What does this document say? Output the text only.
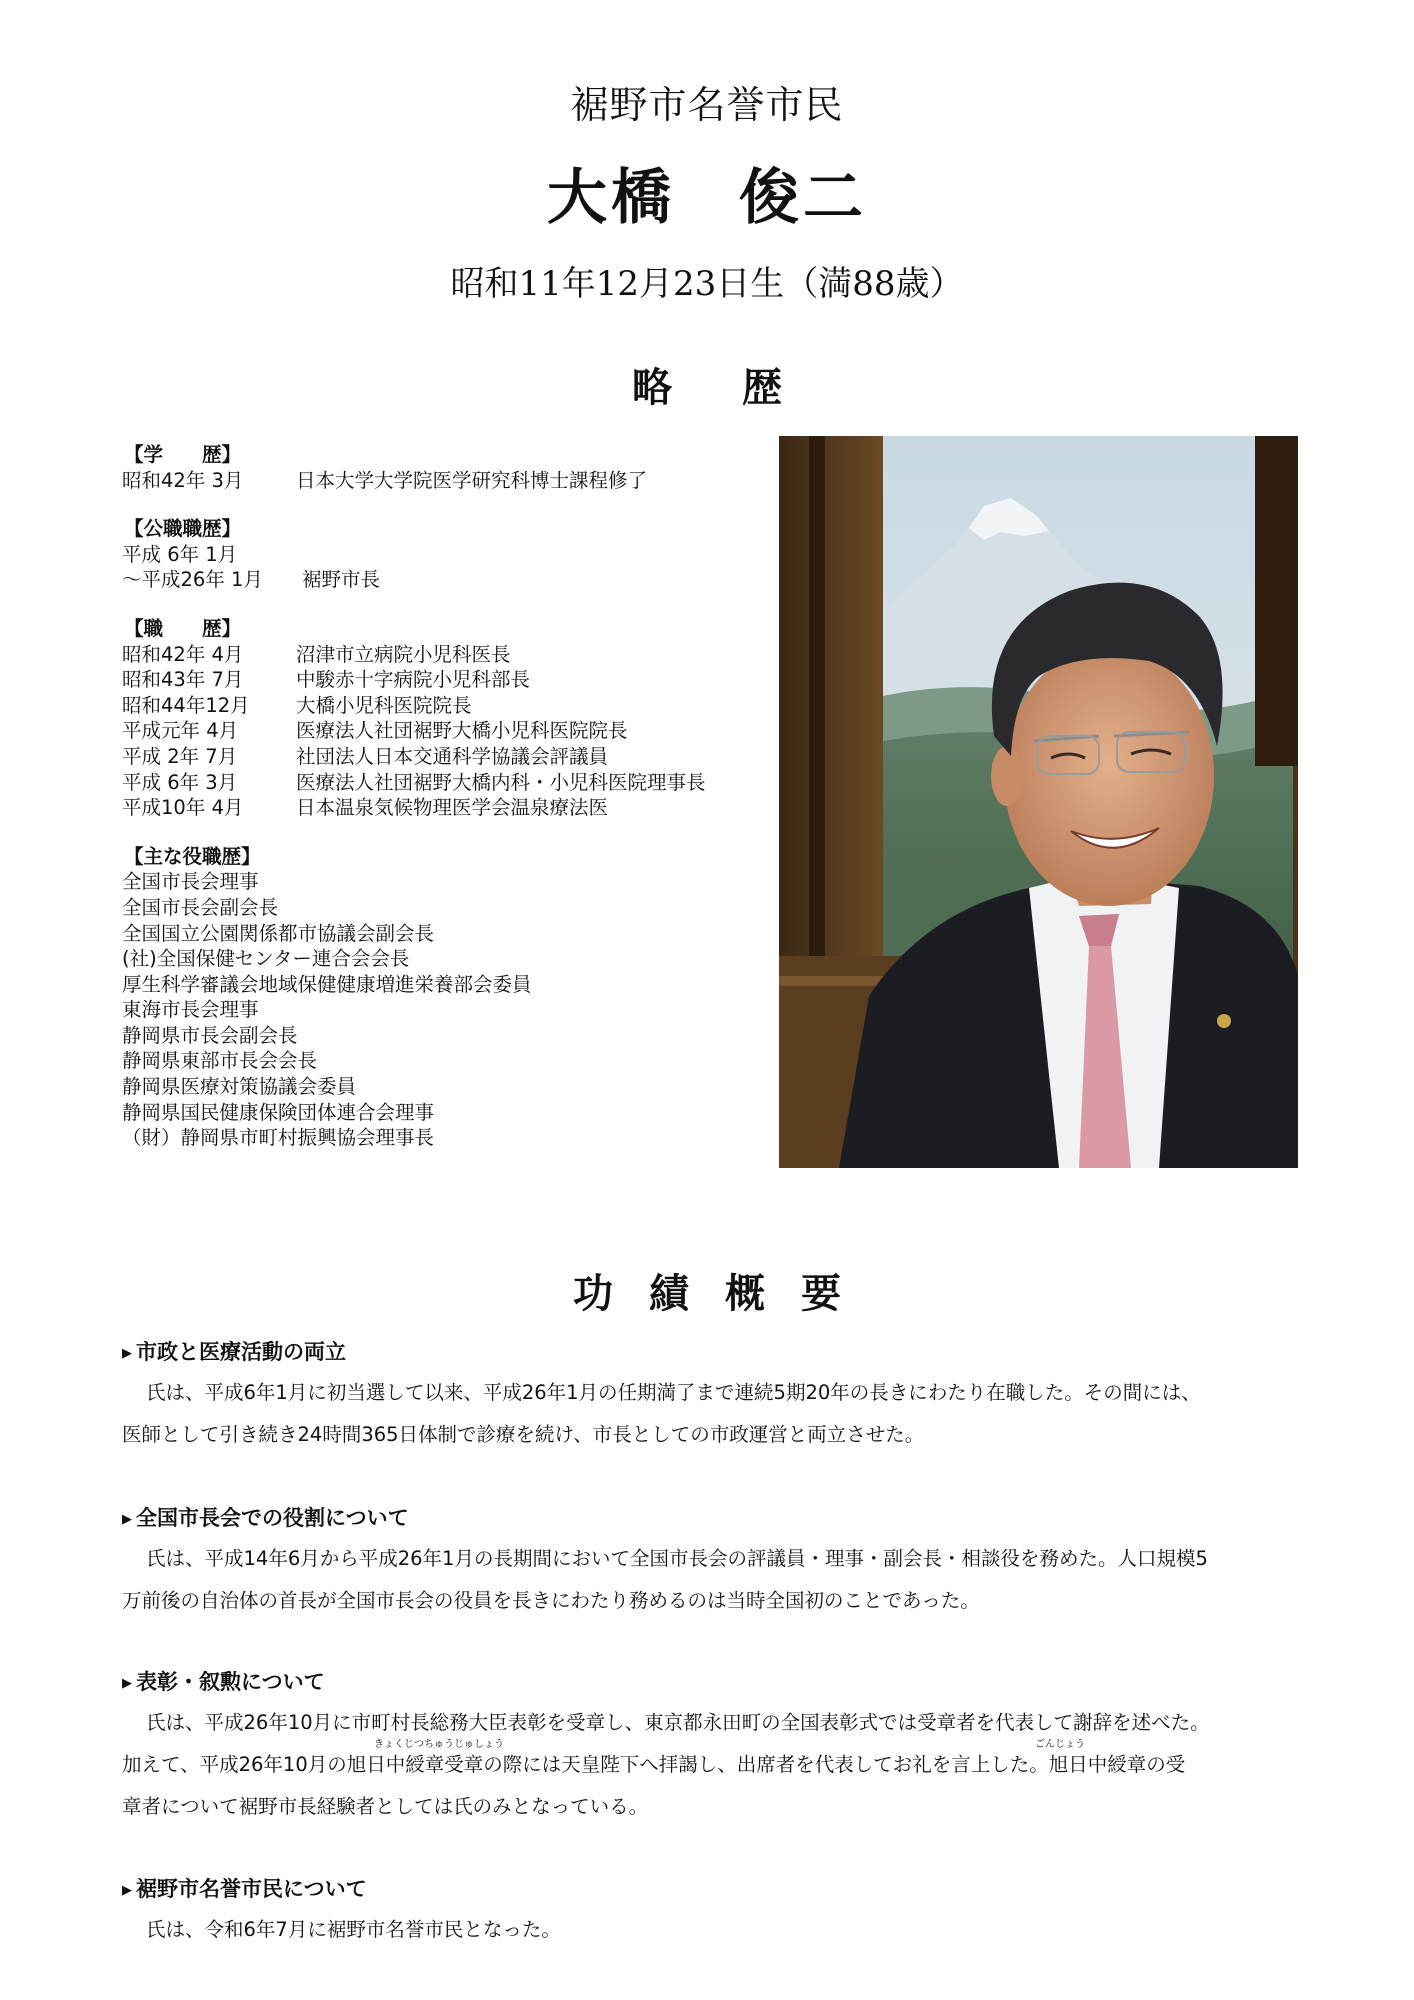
裾野市名誉市民
大橋　俊二
昭和11年12月23日生（満88歳）
略歴
【学　　歴】
昭和42年 3月	日本大学大学院医学研究科博士課程修了
【公職職歴】
平成 6年 1月
～平成26年 1月	裾野市長
【職　　歴】
昭和42年 4月	沼津市立病院小児科医長
昭和43年 7月	中駿赤十字病院小児科部長
昭和44年12月	大橋小児科医院院長
平成元年 4月	医療法人社団裾野大橋小児科医院院長
平成 2年 7月	社団法人日本交通科学協議会評議員
平成 6年 3月	医療法人社団裾野大橋内科・小児科医院理事長
平成10年 4月	日本温泉気候物理医学会温泉療法医
【主な役職歴】
全国市長会理事
全国市長会副会長
全国国立公園関係都市協議会副会長
(社)全国保健センター連合会会長
厚生科学審議会地域保健健康増進栄養部会委員
東海市長会理事
静岡県市長会副会長
静岡県東部市長会会長
静岡県医療対策協議会委員
静岡県国民健康保険団体連合会理事
（財）静岡県市町村振興協会理事長
功績概要
▶ 市政と医療活動の両立
氏は、平成6年1月に初当選して以来、平成26年1月の任期満了まで連続5期20年の長きにわたり在職した。その間には、
医師として引き続き24時間365日体制で診療を続け、市長としての市政運営と両立させた。
▶ 全国市長会での役割について
氏は、平成14年6月から平成26年1月の長期間において全国市長会の評議員・理事・副会長・相談役を務めた。人口規模5
万前後の自治体の首長が全国市長会の役員を長きにわたり務めるのは当時全国初のことであった。
▶ 表彰・叙勲について
氏は、平成26年10月に市町村長総務大臣表彰を受章し、東京都永田町の全国表彰式では受章者を代表して謝辞を述べた。
加えて、平成26年10月の旭日中綬章受章の際には天皇陛下へ拝謁し、出席者を代表してお礼を言上した。旭日中綬章の受
きょくじつちゅうじゅしょう	ごんじょう
章者について裾野市長経験者としては氏のみとなっている。
▶ 裾野市名誉市民について
氏は、令和6年7月に裾野市名誉市民となった。
